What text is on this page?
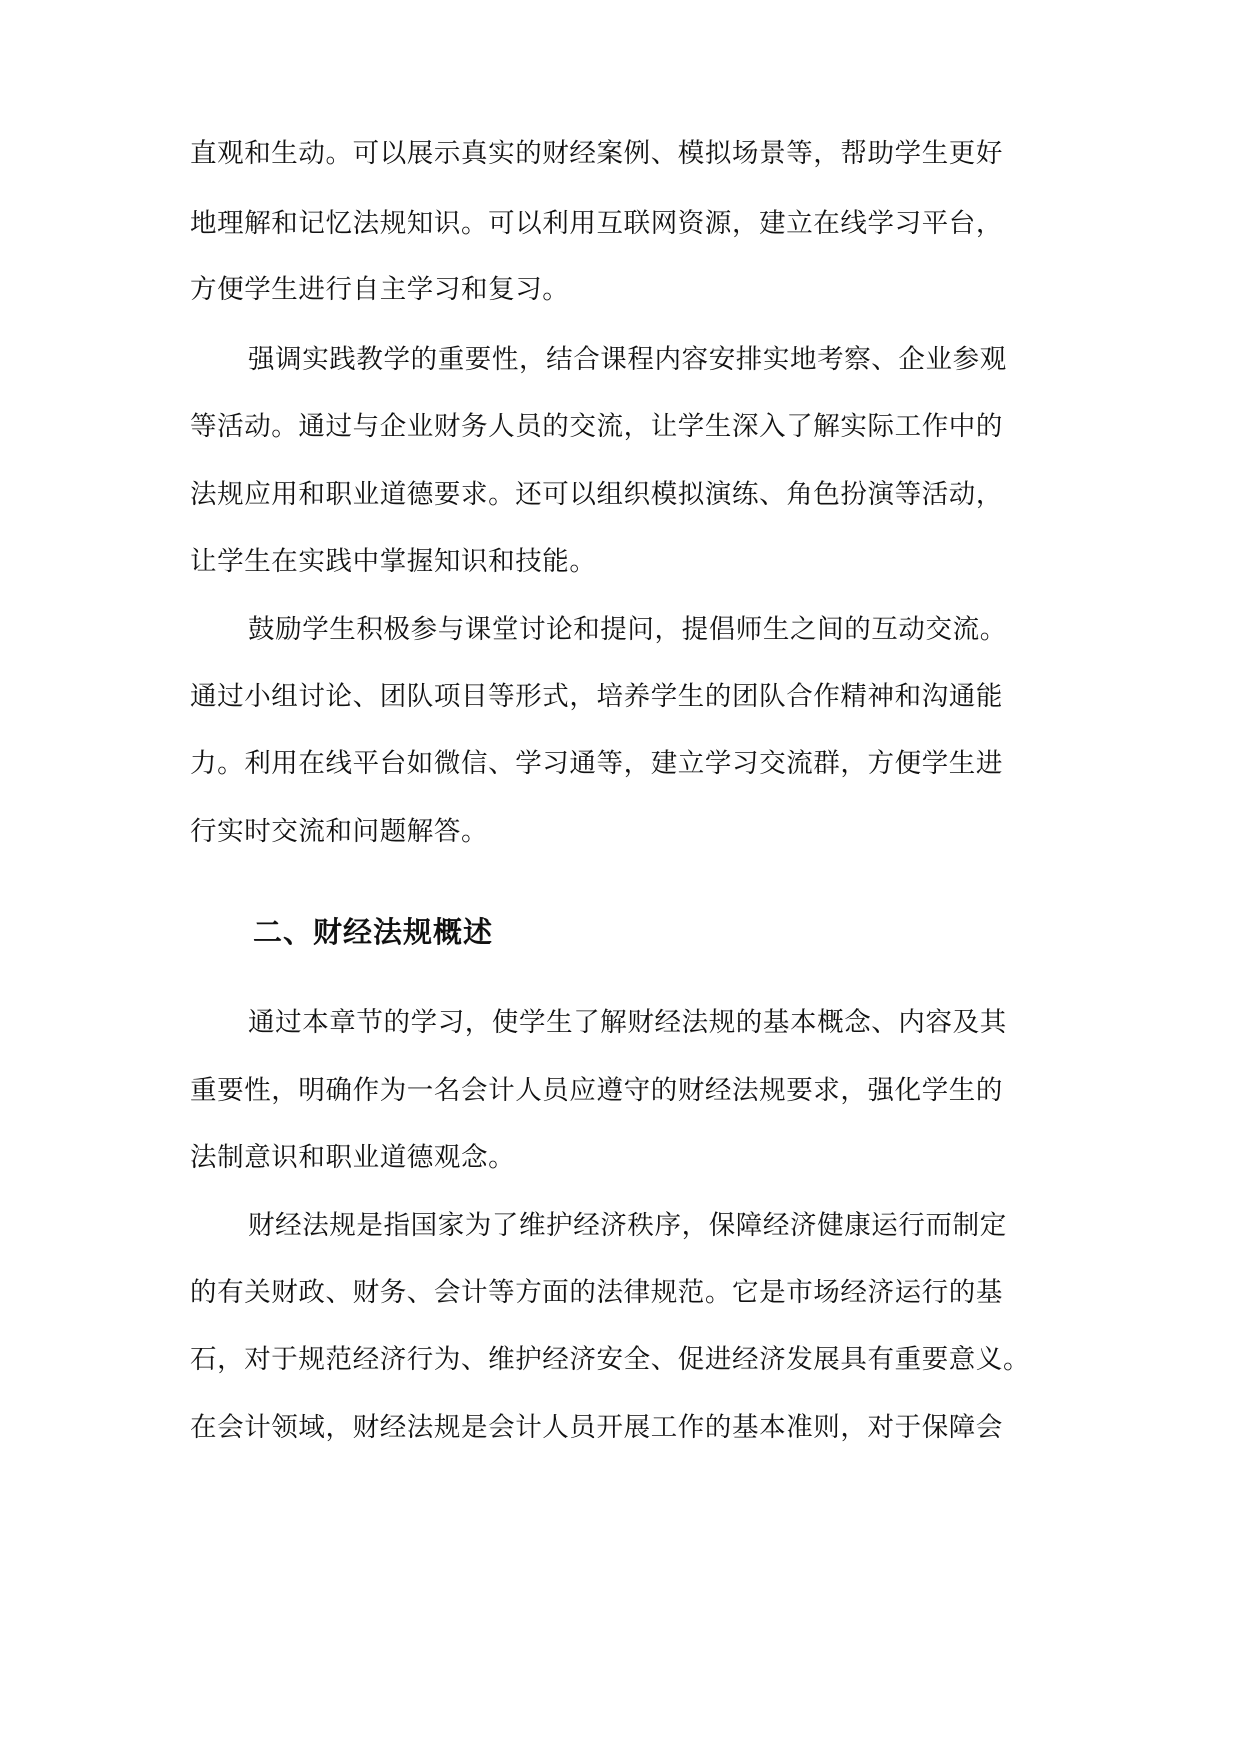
直观和生动。可以展示真实的财经案例、模拟场景等，帮助学生更好
地理解和记忆法规知识。可以利用互联网资源，建立在线学习平台，
方便学生进行自主学习和复习。
强调实践教学的重要性，结合课程内容安排实地考察、企业参观
等活动。通过与企业财务人员的交流，让学生深入了解实际工作中的
法规应用和职业道德要求。还可以组织模拟演练、角色扮演等活动，
让学生在实践中掌握知识和技能。
鼓励学生积极参与课堂讨论和提问，提倡师生之间的互动交流。
通过小组讨论、团队项目等形式，培养学生的团队合作精神和沟通能
力。利用在线平台如微信、学习通等，建立学习交流群，方便学生进
行实时交流和问题解答。
二、财经法规概述
通过本章节的学习，使学生了解财经法规的基本概念、内容及其
重要性，明确作为一名会计人员应遵守的财经法规要求，强化学生的
法制意识和职业道德观念。
财经法规是指国家为了维护经济秩序，保障经济健康运行而制定
的有关财政、财务、会计等方面的法律规范。它是市场经济运行的基
石，对于规范经济行为、维护经济安全、促进经济发展具有重要意义。
在会计领域，财经法规是会计人员开展工作的基本准则，对于保障会
